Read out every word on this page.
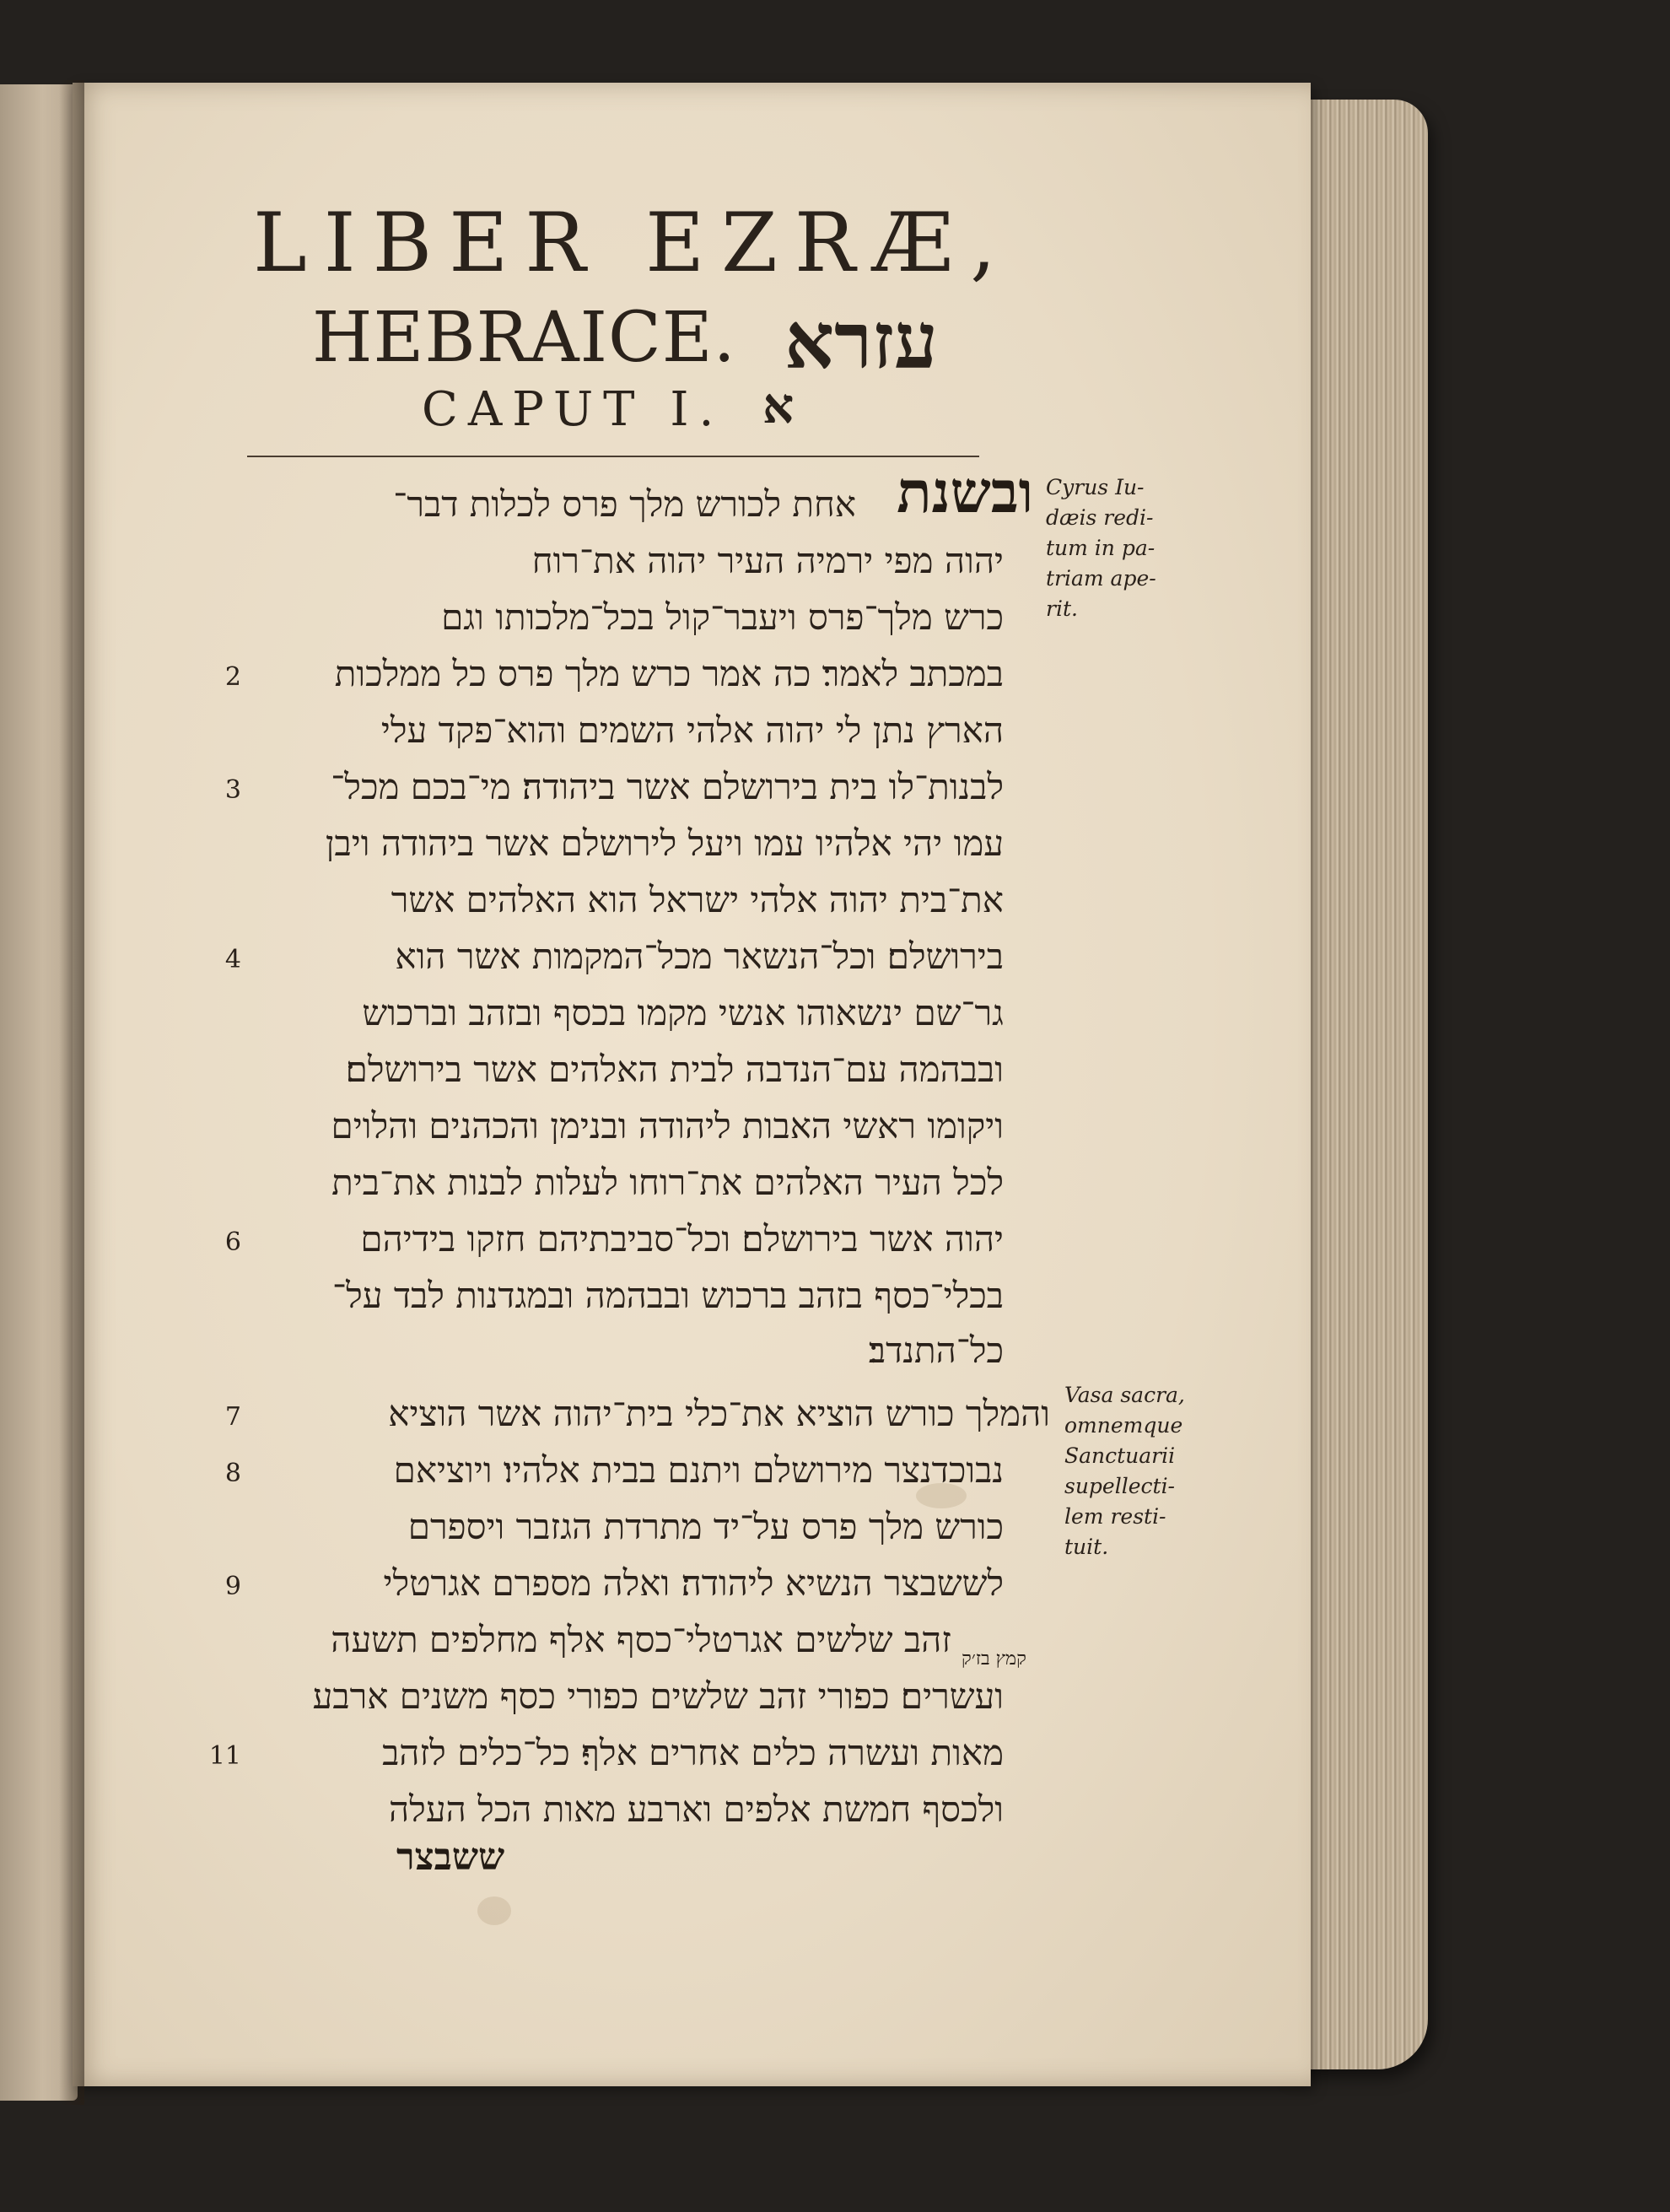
LIBER EZRÆ,
HEBRAICE. עזרא
CAPUT I. א
ובשנת
אחת לכורש מלך פרס לכלות דבר־
יהוה מפי ירמיה העיר יהוה את־רוח
כרש מלך־פרס ויעבר־קול בכל־מלכותו וגם
במכתב לאמר׃ כה אמר כרש מלך פרס כל ממלכות
הארץ נתן לי יהוה אלהי השמים והוא־פקד עלי
לבנות־לו בית בירושלם אשר ביהודה׃ מי־בכם מכל־
עמו יהי אלהיו עמו ויעל לירושלם אשר ביהודה ויבן
את־בית יהוה אלהי ישראל הוא האלהים אשר
בירושלם׃ וכל־הנשאר מכל־המקמות אשר הוא
גר־שם ינשאוהו אנשי מקמו בכסף ובזהב וברכוש
ובבהמה עם־הנדבה לבית האלהים אשר בירושלם׃
ויקומו ראשי האבות ליהודה ובנימן והכהנים והלוים
לכל העיר האלהים את־רוחו לעלות לבנות את־בית
יהוה אשר בירושלם׃ וכל־סביבתיהם חזקו בידיהם
בכלי־כסף בזהב ברכוש ובבהמה ובמגדנות לבד על־
כל־התנדב׃
והמלך כורש הוציא את־כלי בית־יהוה אשר הוציא
נבוכדנצר מירושלם ויתנם בבית אלהיו׃ ויוציאם
כורש מלך פרס על־יד מתרדת הגזבר ויספרם
לששבצר הנשיא ליהודה׃ ואלה מספרם אגרטלי
זהב שלשים אגרטלי־כסף אלף מחלפים תשעה
ועשרים׃ כפורי זהב שלשים כפורי כסף משנים ארבע
מאות ועשרה כלים אחרים אלף׃ כל־כלים לזהב
ולכסף חמשת אלפים וארבע מאות הכל העלה
2
3
4
6
7
8
9
11
קמץ בז׳ק
ששבצר
Cyrus Iu-
dæis redi-
tum in pa-
triam ape-
rit.
Vasa sacra,
omnemque
Sanctuarii
supellecti-
lem resti-
tuit.
